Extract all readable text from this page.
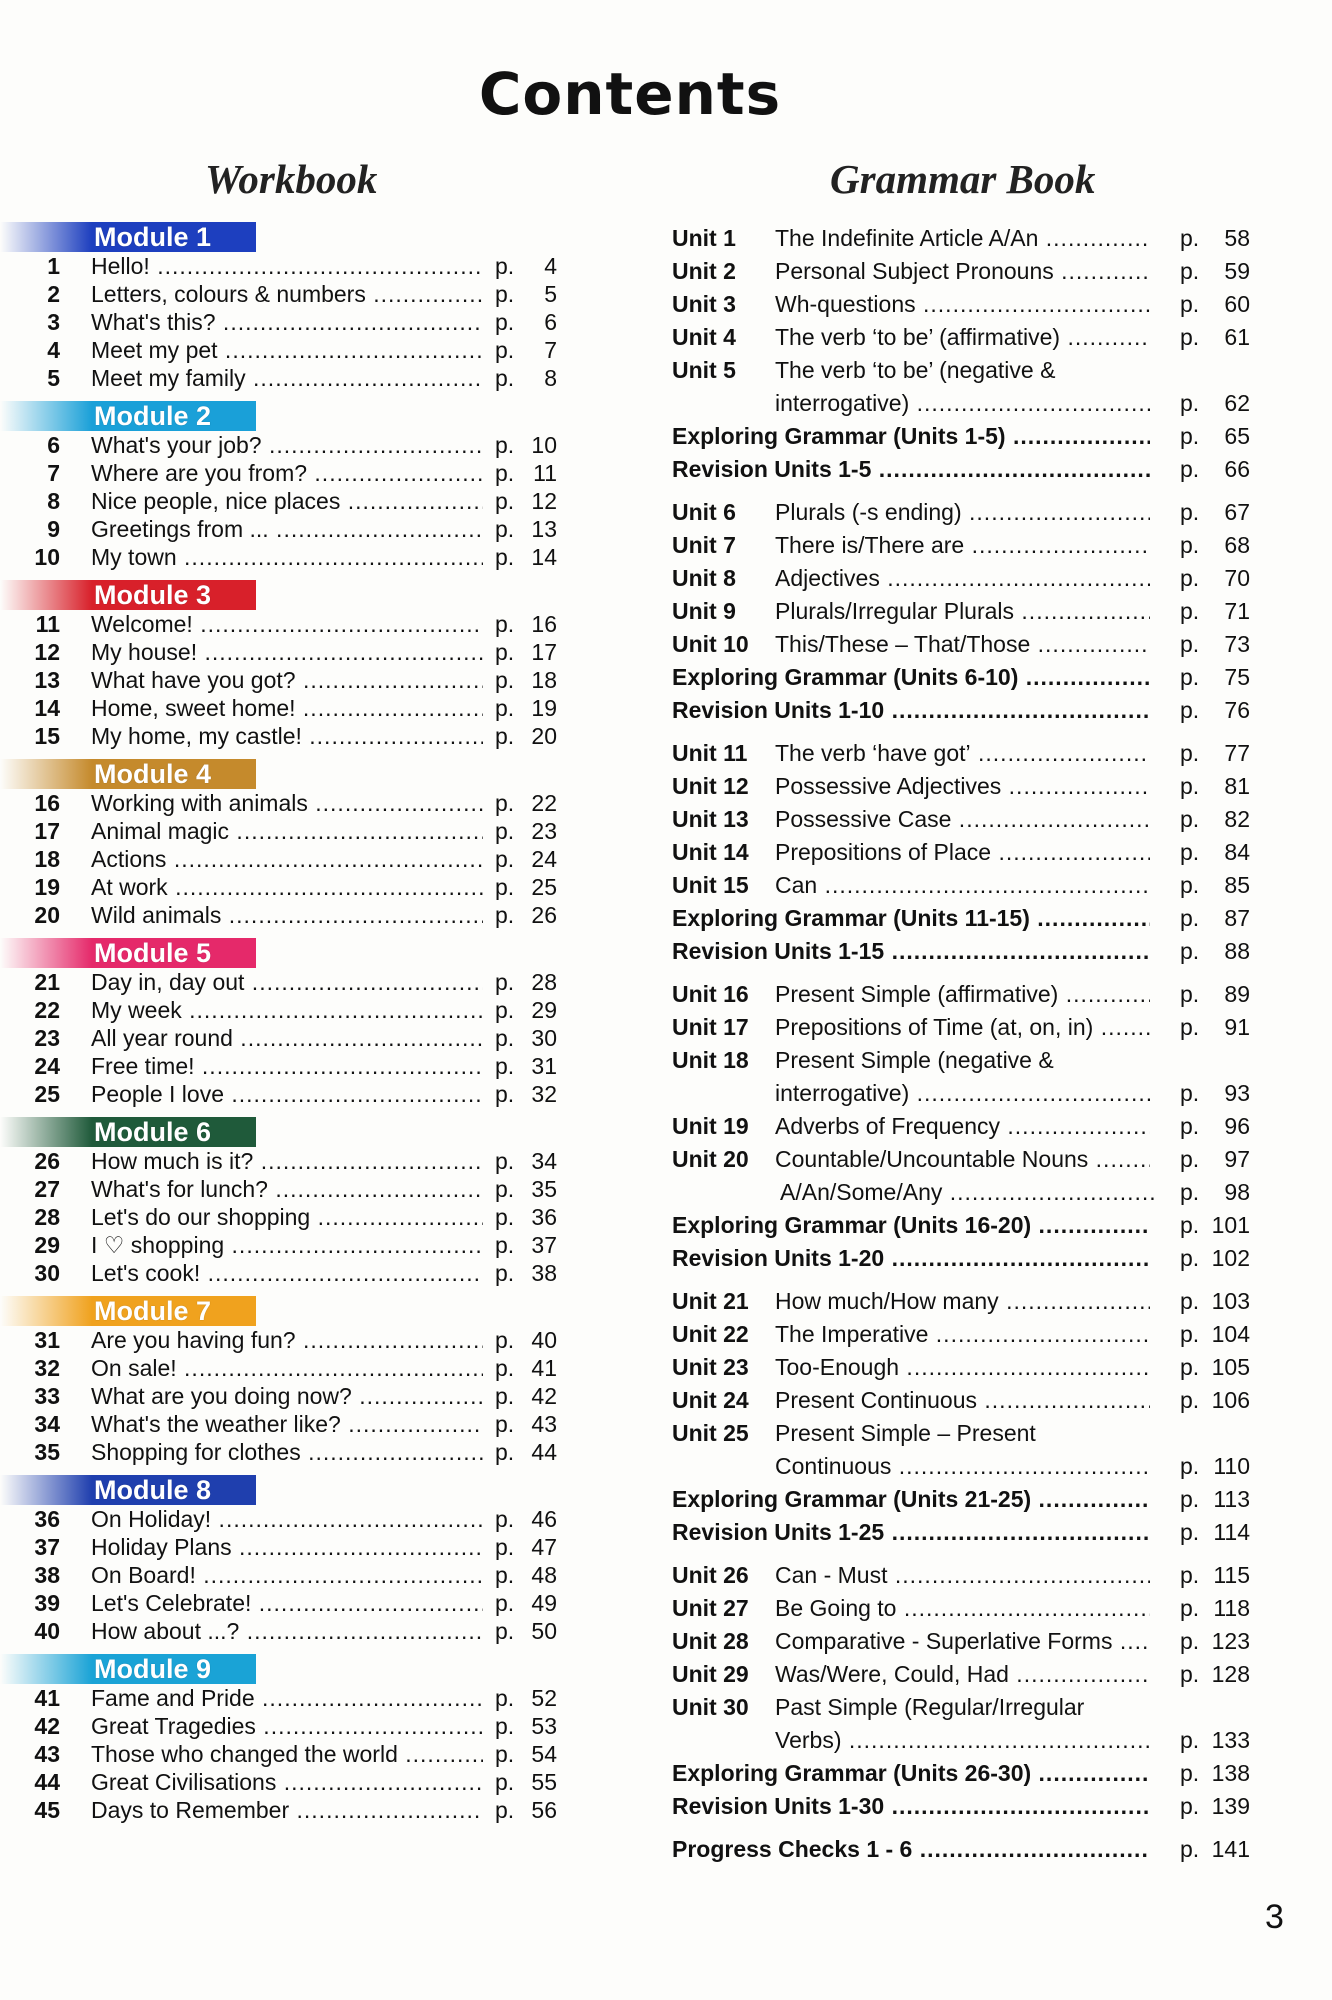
Contents
Workbook	Grammar Book
Module 1
1 Hello! .....	p.	4
2 Letters, colours & numbers .....	p.	5
3 What's this? .....	p.	6
4 Meet my pet .....	p.	7
5 Meet my family .....	p.	8
Module 2
6 What's your job? .....	p. 10
7 Where are you from? .....	p. 11
8 Nice people, nice places .....	p. 12
9 Greetings from ... .....	p. 13
10 My town .....	p. 14
Module 3
11 Welcome! .....	p. 16
12 My house! .....	p. 17
13 What have you got? .....	p. 18
14 Home, sweet home! .....	p. 19
15 My home, my castle! .....	p. 20
Module 4
16 Working with animals .....	p. 22
17 Animal magic .....	p. 23
18 Actions .....	p. 24
19 At work .....	p. 25
20 Wild animals .....	p. 26
Module 5
21 Day in, day out .....	p. 28
22 My week .....	p. 29
23 All year round .....	p. 30
24 Free time! .....	p. 31
25 People I love .....	p. 32
Module 6
26 How much is it? .....	p. 34
27 What's for lunch? .....	p. 35
28 Let's do our shopping .....	p. 36
29 I ♡ shopping .....	p. 37
30 Let's cook! .....	p. 38
Module 7
31 Are you having fun? .....	p. 40
32 On sale! .....	p. 41
33 What are you doing now? .....	p. 42
34 What's the weather like? .....	p. 43
35 Shopping for clothes .....	p. 44
Module 8
36 On Holiday! .....	p. 46
37 Holiday Plans .....	p. 47
38 On Board! .....	p. 48
39 Let's Celebrate! .....	p. 49
40 How about ...? .....	p. 50
Module 9
41 Fame and Pride .....	p. 52
42 Great Tragedies .....	p. 53
43 Those who changed the world .....	p. 54
44 Great Civilisations .....	p. 55
45 Days to Remember .....	p. 56
Unit 1 The Indefinite Article A/An .....	p.	58
Unit 2 Personal Subject Pronouns .....	p.	59
Unit 3 Wh-questions .....	p.	60
Unit 4 The verb ‘to be’ (affirmative) .....	p.	61
Unit 5 The verb ‘to be’ (negative &
interrogative) .....	p.	62
Exploring Grammar (Units 1-5) .....	p.	65
Revision Units 1-5 .....	p.	66
Unit 6 Plurals (-s ending) .....	p.	67
Unit 7 There is/There are .....	p.	68
Unit 8 Adjectives .....	p.	70
Unit 9 Plurals/Irregular Plurals .....	p.	71
Unit 10 This/These – That/Those .....	p.	73
Exploring Grammar (Units 6-10) .....	p.	75
Revision Units 1-10 .....	p.	76
Unit 11 The verb ‘have got’ .....	p.	77
Unit 12 Possessive Adjectives .....	p.	81
Unit 13 Possessive Case .....	p.	82
Unit 14 Prepositions of Place .....	p.	84
Unit 15 Can .....	p.	85
Exploring Grammar (Units 11-15) .....	p.	87
Revision Units 1-15 .....	p.	88
Unit 16 Present Simple (affirmative) .....	p.	89
Unit 17 Prepositions of Time (at, on, in) .....	p.	91
Unit 18 Present Simple (negative &
interrogative) .....	p.	93
Unit 19 Adverbs of Frequency .....	p.	96
Unit 20 Countable/Uncountable Nouns .....	p.	97
A/An/Some/Any .....	p.	98
Exploring Grammar (Units 16-20) .....	p. 101
Revision Units 1-20 .....	p. 102
Unit 21 How much/How many .....	p. 103
Unit 22 The Imperative .....	p. 104
Unit 23 Too-Enough .....	p. 105
Unit 24 Present Continuous .....	p. 106
Unit 25 Present Simple – Present
Continuous .....	p. 110
Exploring Grammar (Units 21-25) .....	p. 113
Revision Units 1-25 .....	p. 114
Unit 26 Can - Must .....	p. 115
Unit 27 Be Going to .....	p. 118
Unit 28 Comparative - Superlative Forms .....	p. 123
Unit 29 Was/Were, Could, Had .....	p. 128
Unit 30 Past Simple (Regular/Irregular
Verbs) .....	p. 133
Exploring Grammar (Units 26-30) .....	p. 138
Revision Units 1-30 .....	p. 139
Progress Checks 1 - 6 .....	p. 141
3
